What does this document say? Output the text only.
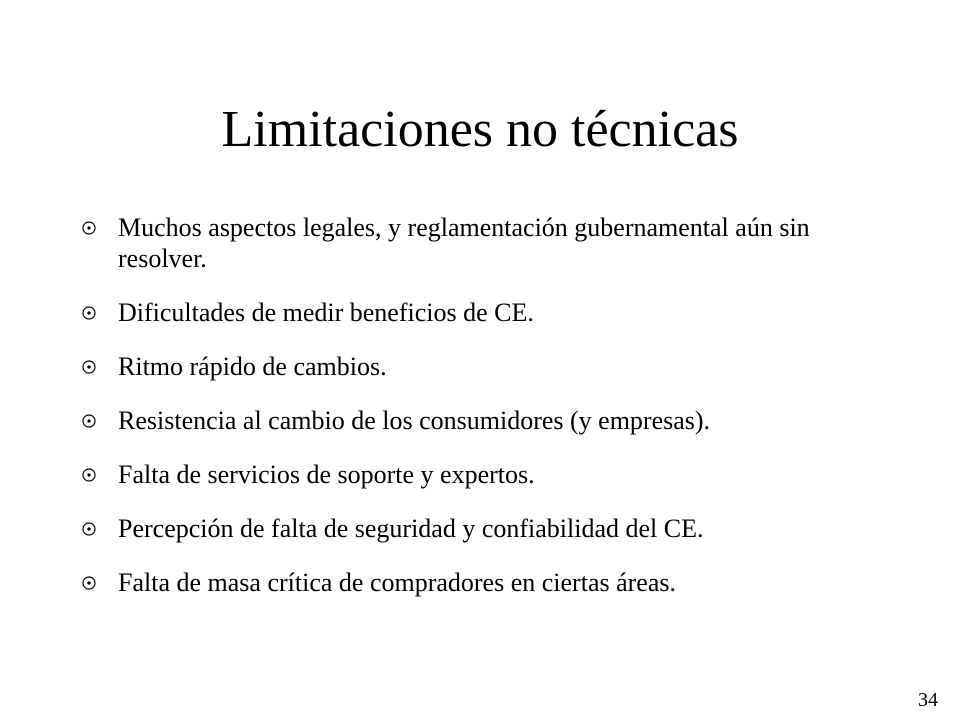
Limitaciones no técnicas
Muchos aspectos legales, y reglamentación gubernamental aún sin resolver.
Dificultades de medir beneficios de CE.
Ritmo rápido de cambios.
Resistencia al cambio de los consumidores (y empresas).
Falta de servicios de soporte y expertos.
Percepción de falta de seguridad y confiabilidad del CE.
Falta de masa crítica de compradores en ciertas áreas.
34
